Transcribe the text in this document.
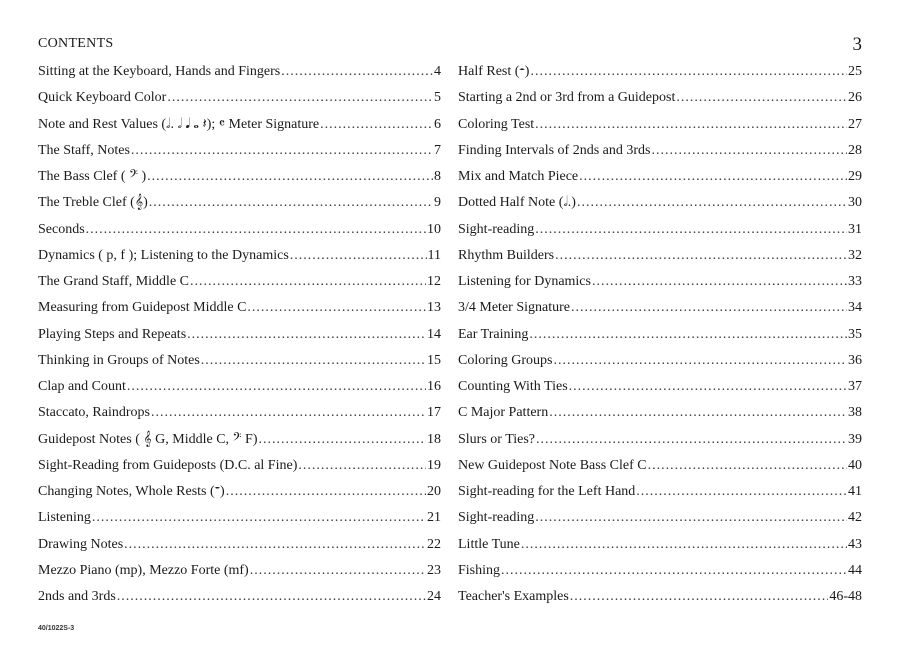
CONTENTS	3
Sitting at the Keyboard, Hands and Fingers .....	4
Quick Keyboard Color .....	5
Note and Rest Values (𝅗𝅥. 𝅗𝅥 𝅘𝅥 𝅝 𝄽); 𝄴 Meter Signature .....	6
The Staff, Notes .....	7
The Bass Clef ( 𝄢 ) .....	8
The Treble Clef (𝄞) .....	9
Seconds .....	10
Dynamics ( p, f ); Listening to the Dynamics .....	11
The Grand Staff, Middle C .....	12
Measuring from Guidepost Middle C .....	13
Playing Steps and Repeats .....	14
Thinking in Groups of Notes .....	15
Clap and Count .....	16
Staccato, Raindrops .....	17
Guidepost Notes ( 𝄞 G, Middle C, 𝄢 F) .....	18
Sight-Reading from Guideposts (D.C. al Fine) .....	19
Changing Notes, Whole Rests (𝄻) .....	20
Listening .....	21
Drawing Notes .....	22
Mezzo Piano (mp), Mezzo Forte (mf) .....	23
2nds and 3rds .....	24
Half Rest (𝄼) .....	25
Starting a 2nd or 3rd from a Guidepost .....	26
Coloring Test .....	27
Finding Intervals of 2nds and 3rds .....	28
Mix and Match Piece .....	29
Dotted Half Note (𝅗𝅥.) .....	30
Sight-reading .....	31
Rhythm Builders .....	32
Listening for Dynamics .....	33
3/4 Meter Signature .....	34
Ear Training .....	35
Coloring Groups .....	36
Counting With Ties .....	37
C Major Pattern .....	38
Slurs or Ties? .....	39
New Guidepost Note Bass Clef C .....	40
Sight-reading for the Left Hand .....	41
Sight-reading .....	42
Little Tune .....	43
Fishing .....	44
Teacher's Examples .....	46-48
40/1022S-3
